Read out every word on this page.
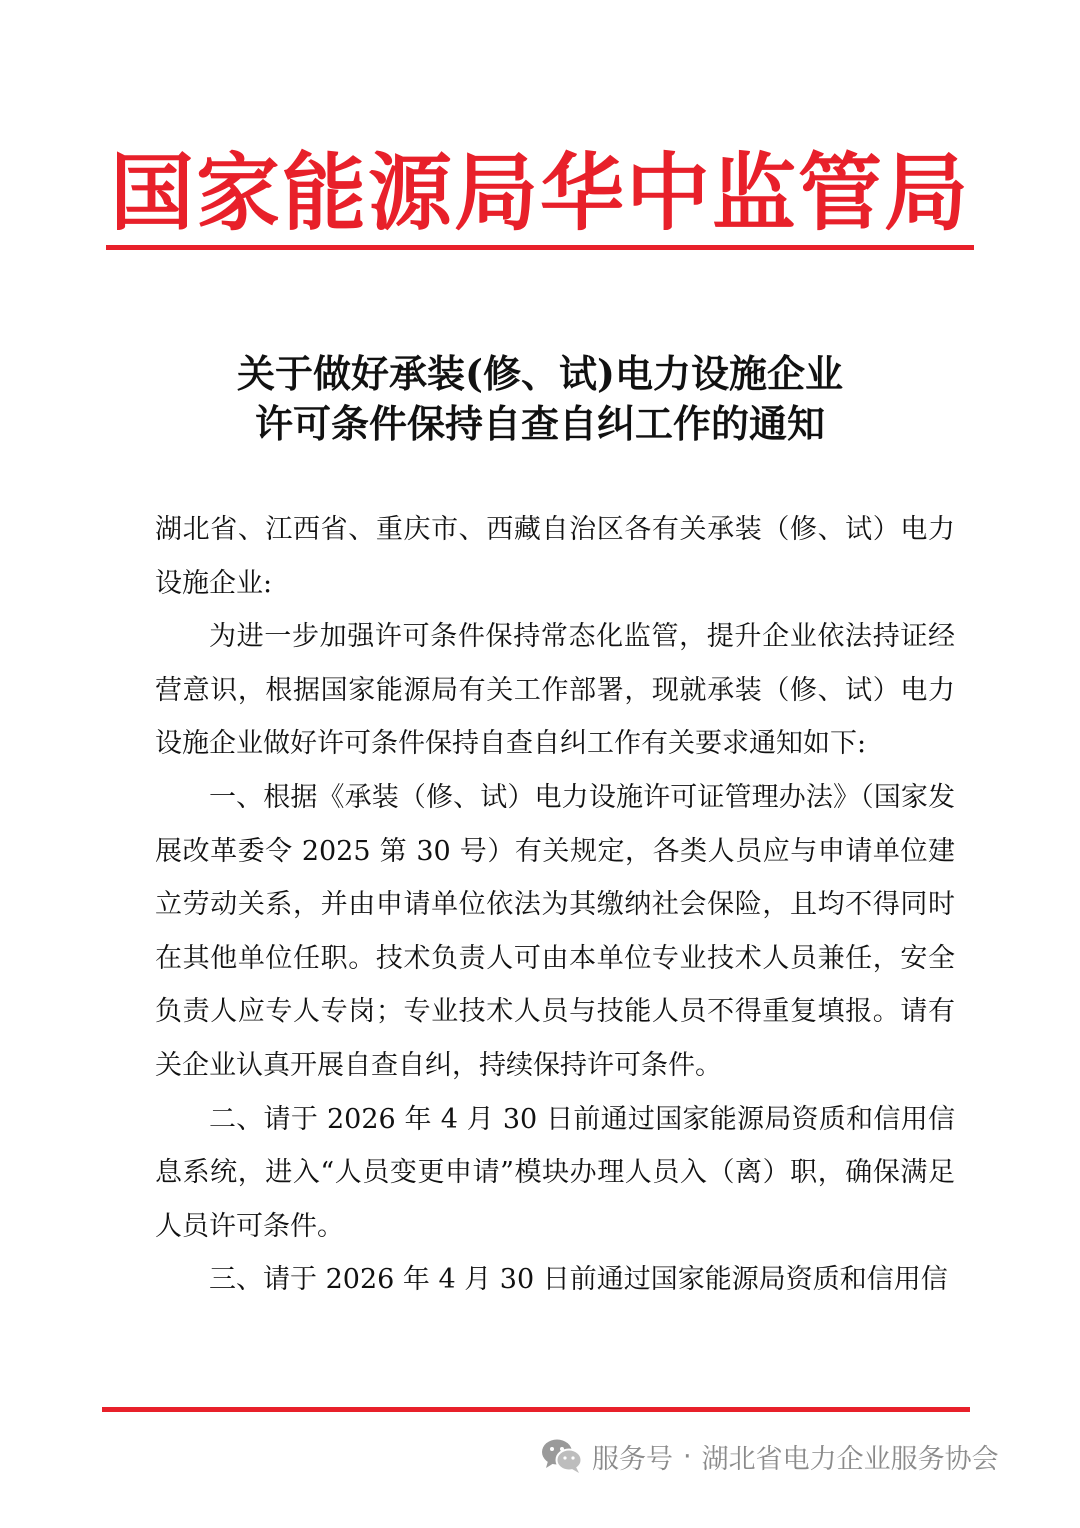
国家能源局华中监管局
关于做好承装(修、试)电力设施企业
许可条件保持自查自纠工作的通知

湖北省、江西省、重庆市、西藏自治区各有关承装（修、试）电力设施企业:

为进一步加强许可条件保持常态化监管，提升企业依法持证经营意识，根据国家能源局有关工作部署，现就承装（修、试）电力设施企业做好许可条件保持自查自纠工作有关要求通知如下:

一、根据《承装（修、试）电力设施许可证管理办法》（国家发展改革委令 2025 第 30 号）有关规定，各类人员应与申请单位建立劳动关系，并由申请单位依法为其缴纳社会保险，且均不得同时在其他单位任职。技术负责人可由本单位专业技术人员兼任，安全负责人应专人专岗；专业技术人员与技能人员不得重复填报。请有关企业认真开展自查自纠，持续保持许可条件。

二、请于 2026 年 4 月 30 日前通过国家能源局资质和信用信息系统，进入“人员变更申请”模块办理人员入（离）职，确保满足人员许可条件。

三、请于 2026 年 4 月 30 日前通过国家能源局资质和信用信

服务号 · 湖北省电力企业服务协会
